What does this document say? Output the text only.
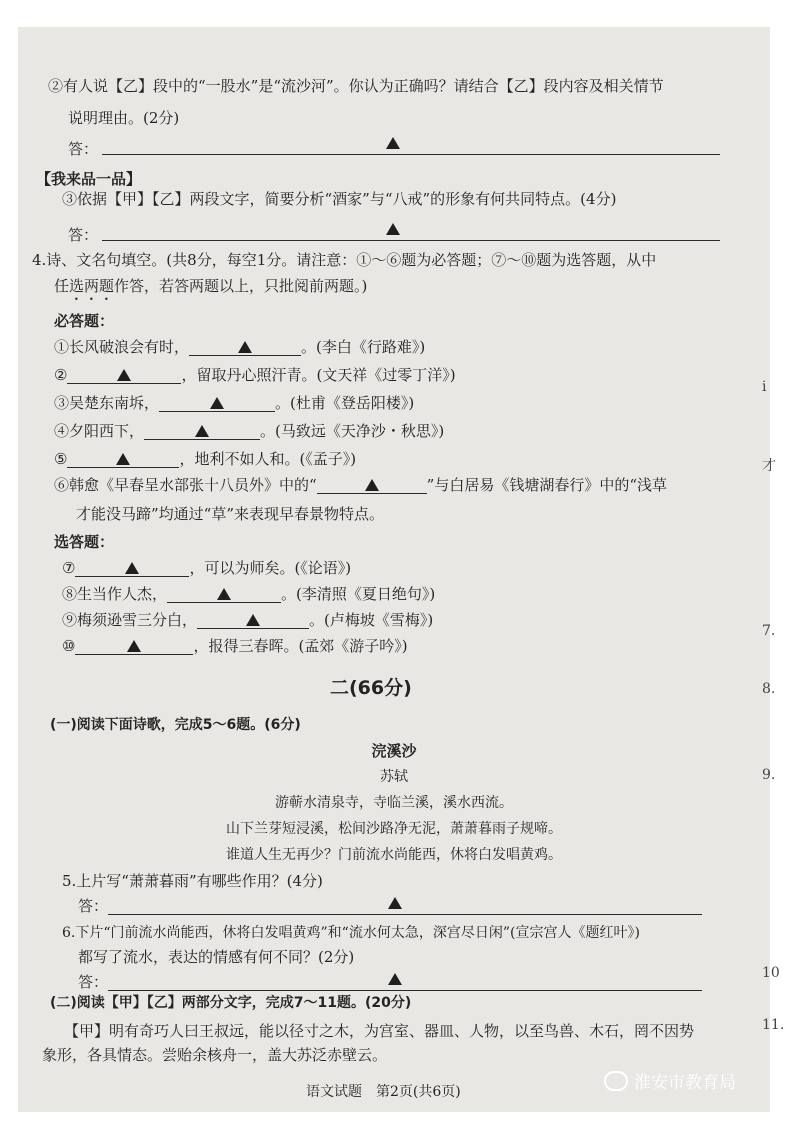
②有人说【乙】段中的“一股水”是“流沙河”。你认为正确吗？请结合【乙】段内容及相关情节
说明理由。(2分)
答：
【我来品一品】
③依据【甲】【乙】两段文字，简要分析“酒家”与“八戒”的形象有何共同特点。(4分)
答：
4.诗、文名句填空。(共8分，每空1分。请注意：①～⑥题为必答题；⑦～⑩题为选答题，从中
任选两题作答，若答两题以上，只批阅前两题。)
必答题：
①长风破浪会有时，	。(李白《行路难》)
②	，留取丹心照汗青。(文天祥《过零丁洋》)
③吴楚东南坼，	。(杜甫《登岳阳楼》)
④夕阳西下，	。(马致远《天净沙・秋思》)
⑤	，地利不如人和。(《孟子》)
⑥韩愈《早春呈水部张十八员外》中的“	”与白居易《钱塘湖春行》中的“浅草
才能没马蹄”均通过“草”来表现早春景物特点。
选答题：
⑦	，可以为师矣。(《论语》)
⑧生当作人杰，	。(李清照《夏日绝句》)
⑨梅须逊雪三分白，	。(卢梅坡《雪梅》)
⑩	，报得三春晖。(孟郊《游子吟》)
二(66分)
(一)阅读下面诗歌，完成5～6题。(6分)
浣溪沙
苏轼
游蕲水清泉寺，寺临兰溪，溪水西流。
山下兰芽短浸溪，松间沙路净无泥，萧萧暮雨子规啼。
谁道人生无再少？门前流水尚能西，休将白发唱黄鸡。
5.上片写“萧萧暮雨”有哪些作用？(4分)
答：
6.下片“门前流水尚能西，休将白发唱黄鸡”和“流水何太急，深宫尽日闲”(宣宗宫人《题红叶》)
都写了流水，表达的情感有何不同？(2分)
答：
(二)阅读【甲】【乙】两部分文字，完成7～11题。(20分)
【甲】明有奇巧人曰王叔远，能以径寸之木，为宫室、器皿、人物，以至鸟兽、木石，罔不因势
象形，各具情态。尝贻余核舟一，盖大苏泛赤壁云。
i
才
7.
8.
9.
10
11.
语文试题　第2页(共6页)	淮安市教育局
